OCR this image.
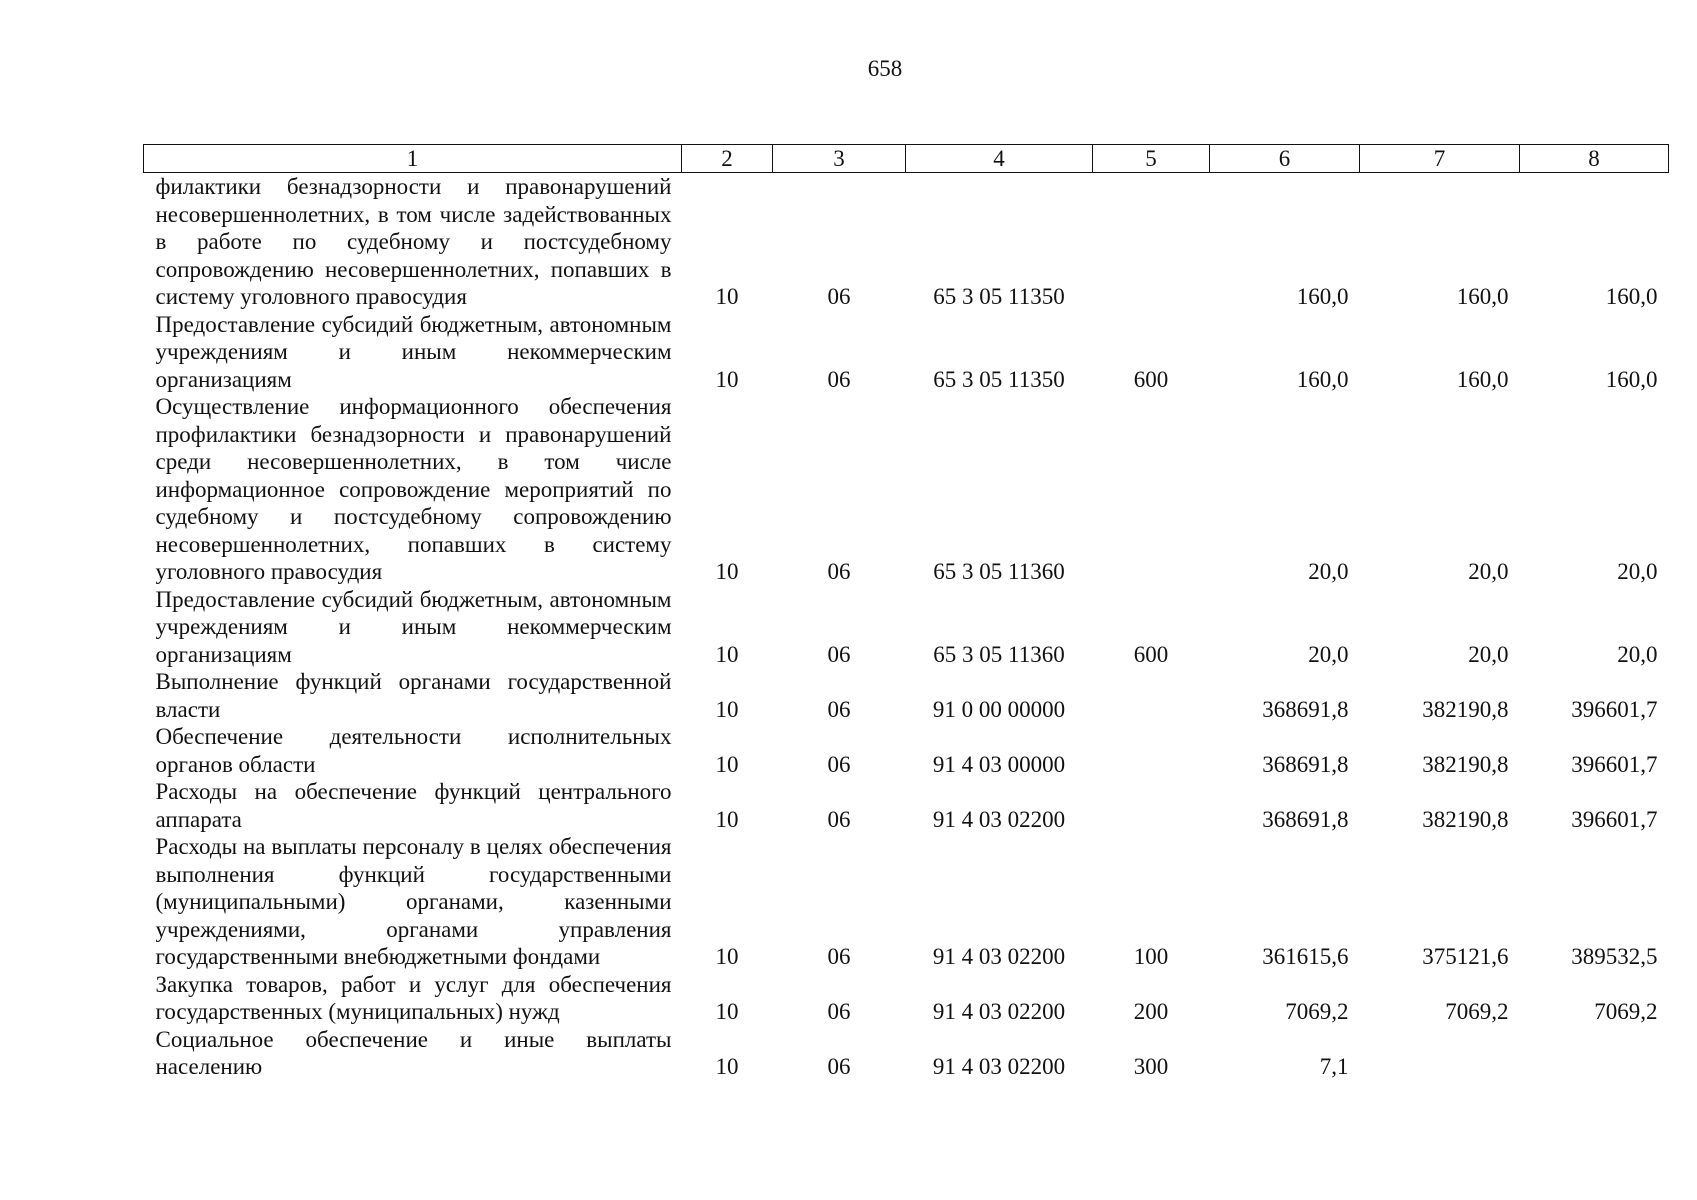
658
1	2	3	4	5	6	7	8
филактики безнадзорности и правонарушений несовершеннолетних, в том числе задействованных в работе по судебному и постсудебному сопровождению несовершеннолетних, попавших в систему уголовного правосудия	10	06	65 3 05 11350		160,0	160,0	160,0
Предоставление субсидий бюджетным, автономным учреждениям и иным некоммерческим организациям	10	06	65 3 05 11350	600	160,0	160,0	160,0
Осуществление информационного обеспечения профилактики безнадзорности и правонарушений среди несовершеннолетних, в том числе информационное сопровождение мероприятий по судебному и постсудебному сопровождению несовершеннолетних, попавших в систему уголовного правосудия	10	06	65 3 05 11360		20,0	20,0	20,0
Предоставление субсидий бюджетным, автономным учреждениям и иным некоммерческим организациям	10	06	65 3 05 11360	600	20,0	20,0	20,0
Выполнение функций органами государственной власти	10	06	91 0 00 00000		368691,8	382190,8	396601,7
Обеспечение деятельности исполнительных органов области	10	06	91 4 03 00000		368691,8	382190,8	396601,7
Расходы на обеспечение функций центрального аппарата	10	06	91 4 03 02200		368691,8	382190,8	396601,7
Расходы на выплаты персоналу в целях обеспечения выполнения функций государственными (муниципальными) органами, казенными учреждениями, органами управления государственными внебюджетными фондами	10	06	91 4 03 02200	100	361615,6	375121,6	389532,5
Закупка товаров, работ и услуг для обеспечения государственных (муниципальных) нужд	10	06	91 4 03 02200	200	7069,2	7069,2	7069,2
Социальное обеспечение и иные выплаты населению	10	06	91 4 03 02200	300	7,1		
